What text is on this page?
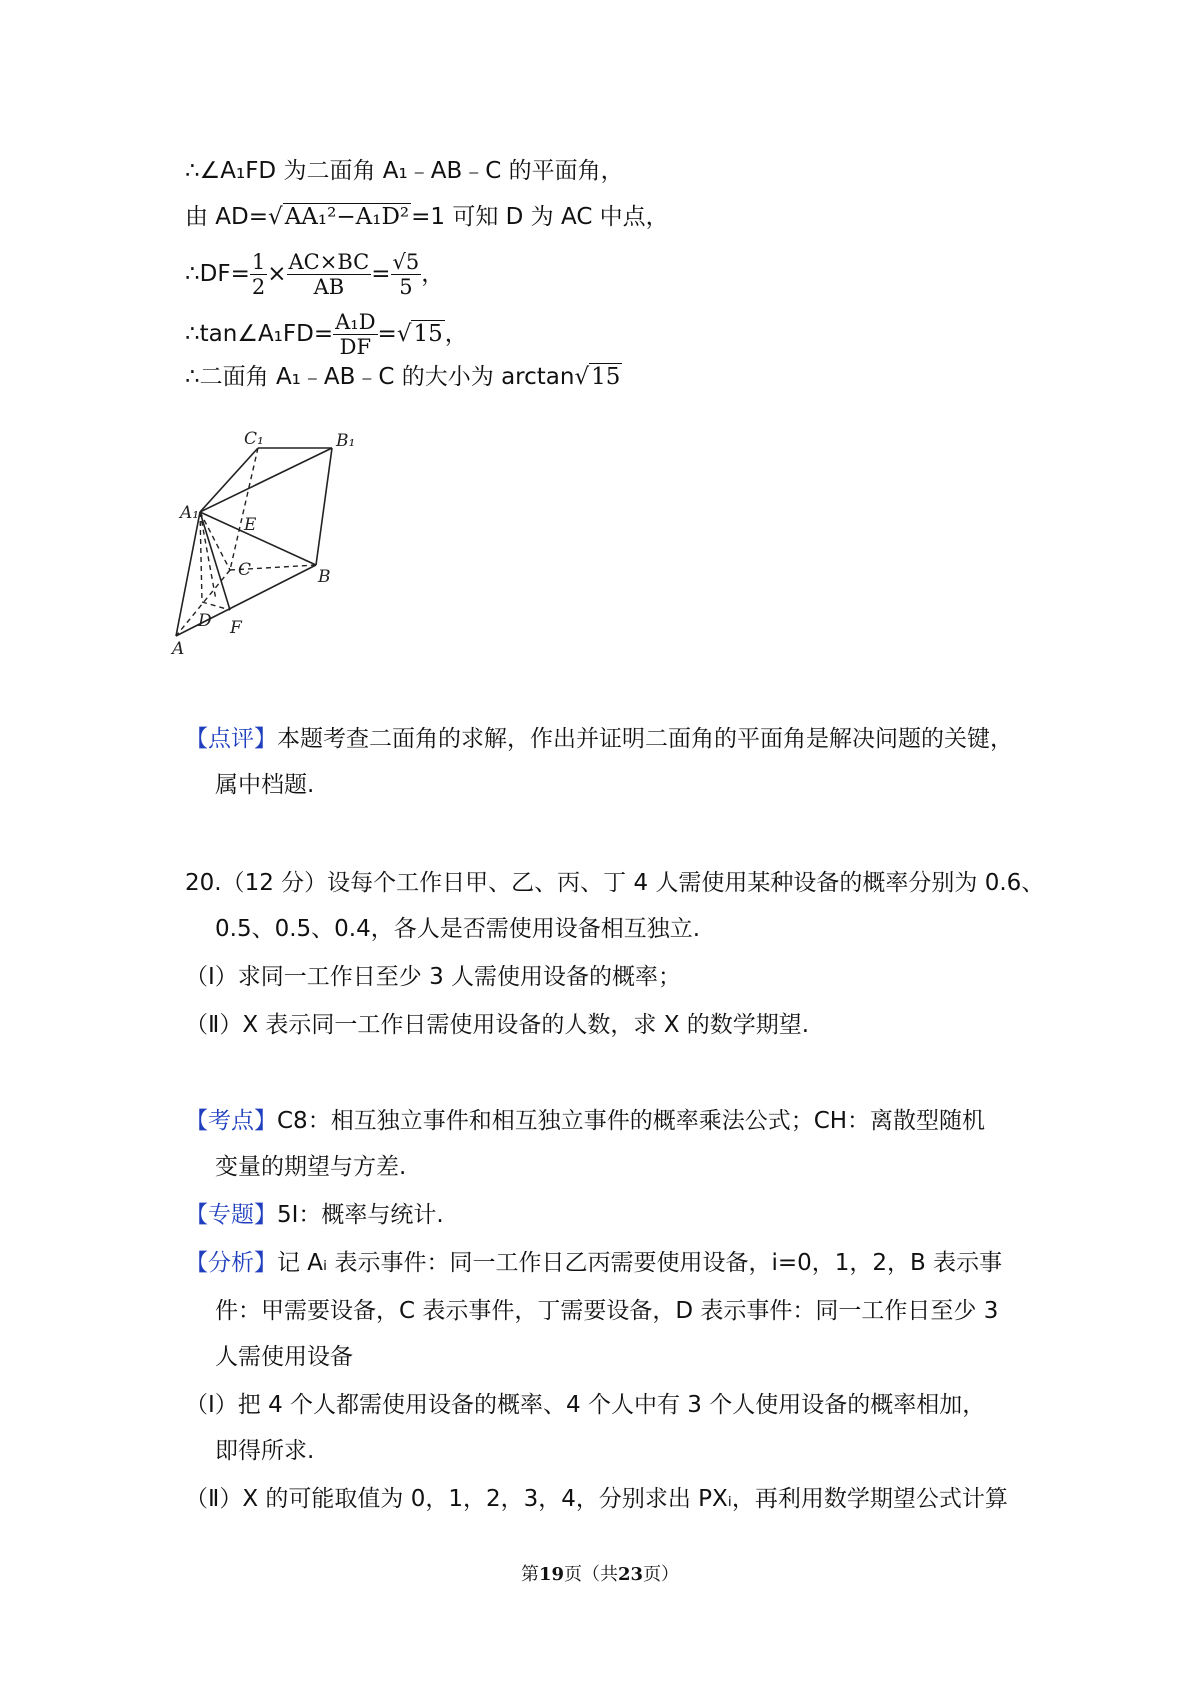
∴∠A₁FD 为二面角 A₁﹣AB﹣C 的平面角，
由 AD=√AA₁²−A₁D²=1 可知 D 为 AC 中点，
∴DF= $\frac{1}{2} \times \frac{AC\times BC}{AB} = \frac{√5}{5}$ ，
∴tan∠A₁FD= $\frac{\text{A₁D}}{DF} =√15$，
∴二面角 A₁﹣AB﹣C 的大小为 arctan√15
C₁	B₁
A₁
E
C	B
D F
A
【点评】本题考查二面角的求解，作出并证明二面角的平面角是解决问题的关键，
属中档题.
20.（12 分）设每个工作日甲、乙、丙、丁 4 人需使用某种设备的概率分别为 0.6、
0.5、0.5、0.4，各人是否需使用设备相互独立.
（Ⅰ）求同一工作日至少 3 人需使用设备的概率；
（Ⅱ）X 表示同一工作日需使用设备的人数，求 X 的数学期望.
【考点】C8：相互独立事件和相互独立事件的概率乘法公式；CH：离散型随机
变量的期望与方差.
【专题】5I：概率与统计.
【分析】记 Aᵢ 表示事件：同一工作日乙丙需要使用设备，i=0，1，2，B 表示事
件：甲需要设备，C 表示事件，丁需要设备，D 表示事件：同一工作日至少 3
人需使用设备
（Ⅰ）把 4 个人都需使用设备的概率、4 个人中有 3 个人使用设备的概率相加，
即得所求.
（Ⅱ）X 的可能取值为 0，1，2，3，4，分别求出 PXᵢ，再利用数学期望公式计算
第19页（共23页）
